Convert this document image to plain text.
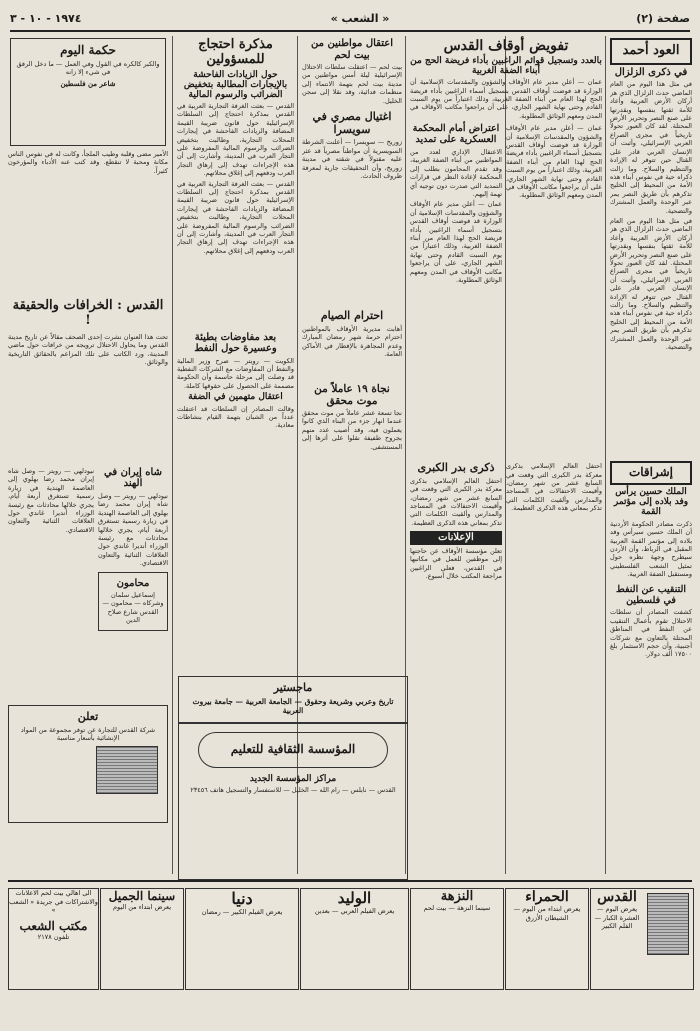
صفحة (٢)
« الشعب »
١٩٧٤ - ١٠ - ٣
العود أحمد
في ذكرى الزلزال
في مثل هذا اليوم من العام الماضي حدث الزلزال الذي هز أركان الأرض العربية وأعاد للأمة ثقتها بنفسها وبقدرتها على صنع النصر وتحرير الأرض المحتلة. لقد كان العبور تحولاً تاريخياً في مجرى الصراع العربي الإسرائيلي، وأثبت أن الإنسان العربي قادر على القتال حين تتوفر له الإرادة والتنظيم والسلاح. وما زالت ذكراه حية في نفوس أبناء هذه الأمة من المحيط إلى الخليج تذكرهم بأن طريق النصر يمر عبر الوحدة والعمل المشترك والتضحية.
في مثل هذا اليوم من العام الماضي حدث الزلزال الذي هز أركان الأرض العربية وأعاد للأمة ثقتها بنفسها وبقدرتها على صنع النصر وتحرير الأرض المحتلة. لقد كان العبور تحولاً تاريخياً في مجرى الصراع العربي الإسرائيلي، وأثبت أن الإنسان العربي قادر على القتال حين تتوفر له الإرادة والتنظيم والسلاح. وما زالت ذكراه حية في نفوس أبناء هذه الأمة من المحيط إلى الخليج تذكرهم بأن طريق النصر يمر عبر الوحدة والعمل المشترك والتضحية.
إشراقات
الملك حسين يرأس وفد بلاده إلى مؤتمر القمة
ذكرت مصادر الحكومة الأردنية أن الملك حسين سيرأس وفد بلاده إلى مؤتمر القمة العربية المقبل في الرباط، وأن الأردن سيطرح وجهة نظره حول تمثيل الشعب الفلسطيني ومستقبل الضفة الغربية.
التنقيب عن النفط في فلسطين
كشفت المصادر أن سلطات الاحتلال تقوم بأعمال التنقيب عن النفط في المناطق المحتلة بالتعاون مع شركات أجنبية، وأن حجم الاستثمار بلغ ١٧٥٠٠ ألف دولار.
تفويض أوقاف القدس
بالعدد وتسجيل قوائم الراغبين بأداء فريضة الحج من أبناء الضفة الغربية
عمان — أعلن مدير عام الأوقاف والشؤون والمقدسات الإسلامية أن الوزارة قد فوضت أوقاف القدس بتسجيل أسماء الراغبين بأداء فريضة الحج لهذا العام من أبناء الضفة الغربية، وذلك اعتباراً من يوم السبت القادم وحتى نهاية الشهر الجاري، على أن يراجعوا مكاتب الأوقاف في المدن ومعهم الوثائق المطلوبة.
عمان — أعلن مدير عام الأوقاف والشؤون والمقدسات الإسلامية أن الوزارة قد فوضت أوقاف القدس بتسجيل أسماء الراغبين بأداء فريضة الحج لهذا العام من أبناء الضفة الغربية، وذلك اعتباراً من يوم السبت القادم وحتى نهاية الشهر الجاري، على أن يراجعوا مكاتب الأوقاف في المدن ومعهم الوثائق المطلوبة.
اعتراض أمام المحكمة العسكرية على تمديد
الاعتقال الإداري لعدد من المواطنين من أبناء الضفة الغربية، وقد تقدم المحامون بطلب إلى المحكمة لإعادة النظر في قرارات التمديد التي صدرت دون توجيه أي تهمة إليهم.
عمان — أعلن مدير عام الأوقاف والشؤون والمقدسات الإسلامية أن الوزارة قد فوضت أوقاف القدس بتسجيل أسماء الراغبين بأداء فريضة الحج لهذا العام من أبناء الضفة الغربية، وذلك اعتباراً من يوم السبت القادم وحتى نهاية الشهر الجاري، على أن يراجعوا مكاتب الأوقاف في المدن ومعهم الوثائق المطلوبة.
احتفل العالم الإسلامي بذكرى معركة بدر الكبرى التي وقعت في السابع عشر من شهر رمضان، وأقيمت الاحتفالات في المساجد والمدارس وألقيت الكلمات التي تذكر بمعاني هذه الذكرى العظيمة.
ذكرى بدر الكبرى
احتفل العالم الإسلامي بذكرى معركة بدر الكبرى التي وقعت في السابع عشر من شهر رمضان، وأقيمت الاحتفالات في المساجد والمدارس وألقيت الكلمات التي تذكر بمعاني هذه الذكرى العظيمة.
الإعلانات
تعلن مؤسسة الأوقاف عن حاجتها إلى موظفين للعمل في مكاتبها في القدس، فعلى الراغبين مراجعة المكتب خلال أسبوع.
اعتقال مواطنين من بيت لحم
بيت لحم — اعتقلت سلطات الاحتلال الإسرائيلية ليلة أمس مواطنين من مدينة بيت لحم بتهمة الانتماء إلى منظمات فدائية، وقد نقلا إلى سجن الخليل.
اغتيال مصري في سويسرا
زوريخ — سويسرا — أعلنت الشرطة السويسرية أن مواطناً مصرياً قد عثر عليه مقتولاً في شقته في مدينة زوريخ، وأن التحقيقات جارية لمعرفة ظروف الحادث.
احترام الصيام
أهابت مديرية الأوقاف بالمواطنين احترام حرمة شهر رمضان المبارك وعدم المجاهرة بالإفطار في الأماكن العامة.
نجاة ١٩ عاملاً من موت محقق
نجا تسعة عشر عاملاً من موت محقق عندما انهار جزء من البناء الذي كانوا يعملون فيه، وقد أصيب عدد منهم بجروح طفيفة نقلوا على أثرها إلى المستشفى.
مذكرة احتجاج للمسؤولين
حول الزيادات الفاحشة بالإيجارات المطالبة بتخفيض الضرائب والرسوم المالية
القدس — بعثت الغرفة التجارية العربية في القدس بمذكرة احتجاج إلى السلطات الإسرائيلية حول قانون ضريبة القيمة المضافة والزيادات الفاحشة في إيجارات المحلات التجارية، وطالبت بتخفيض الضرائب والرسوم المالية المفروضة على التجار العرب في المدينة، وأشارت إلى أن هذه الإجراءات تهدف إلى إرهاق التجار العرب ودفعهم إلى إغلاق محلاتهم.
القدس — بعثت الغرفة التجارية العربية في القدس بمذكرة احتجاج إلى السلطات الإسرائيلية حول قانون ضريبة القيمة المضافة والزيادات الفاحشة في إيجارات المحلات التجارية، وطالبت بتخفيض الضرائب والرسوم المالية المفروضة على التجار العرب في المدينة، وأشارت إلى أن هذه الإجراءات تهدف إلى إرهاق التجار العرب ودفعهم إلى إغلاق محلاتهم.
بعد مفاوضات بطيئة وعسيرة حول النفط
الكويت — رويتر — صرح وزير المالية والنفط أن المفاوضات مع الشركات النفطية قد وصلت إلى مرحلة حاسمة وأن الحكومة مصممة على الحصول على حقوقها كاملة.
اعتقال متهمين في الضفة
وقالت المصادر إن السلطات قد اعتقلت عدداً من الشبان بتهمة القيام بنشاطات معادية.
ماجستير
تاريخ وعربي وشريعة وحقوق — الجامعة العربية — جامعة بيروت العربية
المؤسسة الثقافية للتعليم
مراكز المؤسسة الجديد
القدس — نابلس — رام الله — الخليل — للاستفسار والتسجيل هاتف ٢٣٤٥٦
حكمة اليوم
والكبر كالكره في القول وفي العمل — ما دخل الرفق في شيء إلا زانه
شاعر من فلسطين
الأمير مضى وقلبه وطيب الملجأ، وكانت له في نفوس الناس مكانة ومحبة لا تنقطع. وقد كتب عنه الأدباء والمؤرخون كثيراً.
القدس : الخرافات والحقيقة !
تحت هذا العنوان نشرت إحدى الصحف مقالاً عن تاريخ مدينة القدس وما يحاول الاحتلال ترويجه من خرافات حول ماضي المدينة، ورد الكاتب على تلك المزاعم بالحقائق التاريخية والوثائق.
شاه إيران في الهند
نيودلهي — رويتر — وصل شاه إيران محمد رضا بهلوي إلى العاصمة الهندية في زيارة رسمية تستغرق أربعة أيام، يجري خلالها محادثات مع رئيسة الوزراء أنديرا غاندي حول العلاقات الثنائية والتعاون الاقتصادي.
محامون
إسماعيل سلمان وشركاه — محامون — القدس شارع صلاح الدين
نيودلهي — رويتر — وصل شاه إيران محمد رضا بهلوي إلى العاصمة الهندية في زيارة رسمية تستغرق أربعة أيام، يجري خلالها محادثات مع رئيسة الوزراء أنديرا غاندي حول العلاقات الثنائية والتعاون الاقتصادي.
تعلن
شركة القدس للتجارة عن توفر مجموعة من المواد الإنشائية بأسعار مناسبة
القدس
يعرض اليوم — العشرة الكبار — الفلم الكبير
الحمراء
يعرض ابتداء من اليوم — الشيطان الأزرق
النزهة
سينما النزهة — بيت لحم
الوليد
يعرض الفيلم العربي — بعدين
دنيا
يعرض الفيلم الكبير — رمضان
سينما الجميل
يعرض ابتداء من اليوم
الى اهالي بيت لحم الاعلانات والاشتراكات في جريدة « الشعب »
مكتب الشعب
تلفون ٢١٧٨
